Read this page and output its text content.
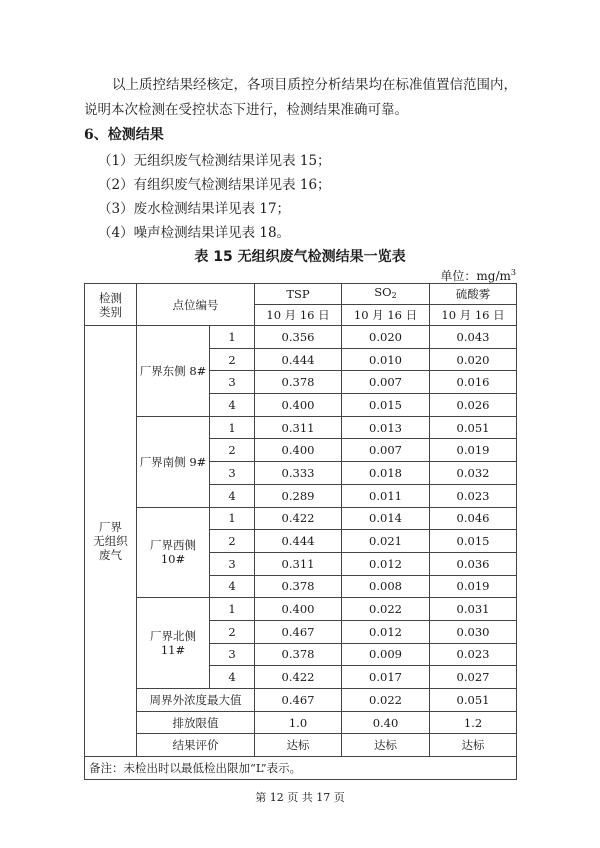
以上质控结果经核定，各项目质控分析结果均在标准值置信范围内，说明本次检测在受控状态下进行，检测结果准确可靠。
6、检测结果
（1）无组织废气检测结果详见表 15；
（2）有组织废气检测结果详见表 16；
（3）废水检测结果详见表 17；
（4）噪声检测结果详见表 18。
表 15 无组织废气检测结果一览表
单位：$mg/m^3$
检测
类别	点位编号		TSP	$SO_2$	硫酸雾
			10 月 16 日	10 月 16 日	10 月 16 日
厂界
无组织
废气	厂界东侧 8#	1	0.356	0.020	0.043
		2	0.444	0.010	0.020
		3	0.378	0.007	0.016
		4	0.400	0.015	0.026
	厂界南侧 9#	1	0.311	0.013	0.051
		2	0.400	0.007	0.019
		3	0.333	0.018	0.032
		4	0.289	0.011	0.023
	厂界西侧 10#	1	0.422	0.014	0.046
		2	0.444	0.021	0.015
		3	0.311	0.012	0.036
		4	0.378	0.008	0.019
	厂界北侧 11#	1	0.400	0.022	0.031
		2	0.467	0.012	0.030
		3	0.378	0.009	0.023
		4	0.422	0.017	0.027
	周界外浓度最大值		0.467	0.022	0.051
	排放限值		1.0	0.40	1.2
	结果评价		达标	达标	达标
备注：未检出时以最低检出限加“L”表示。					
第 12 页 共 17 页
